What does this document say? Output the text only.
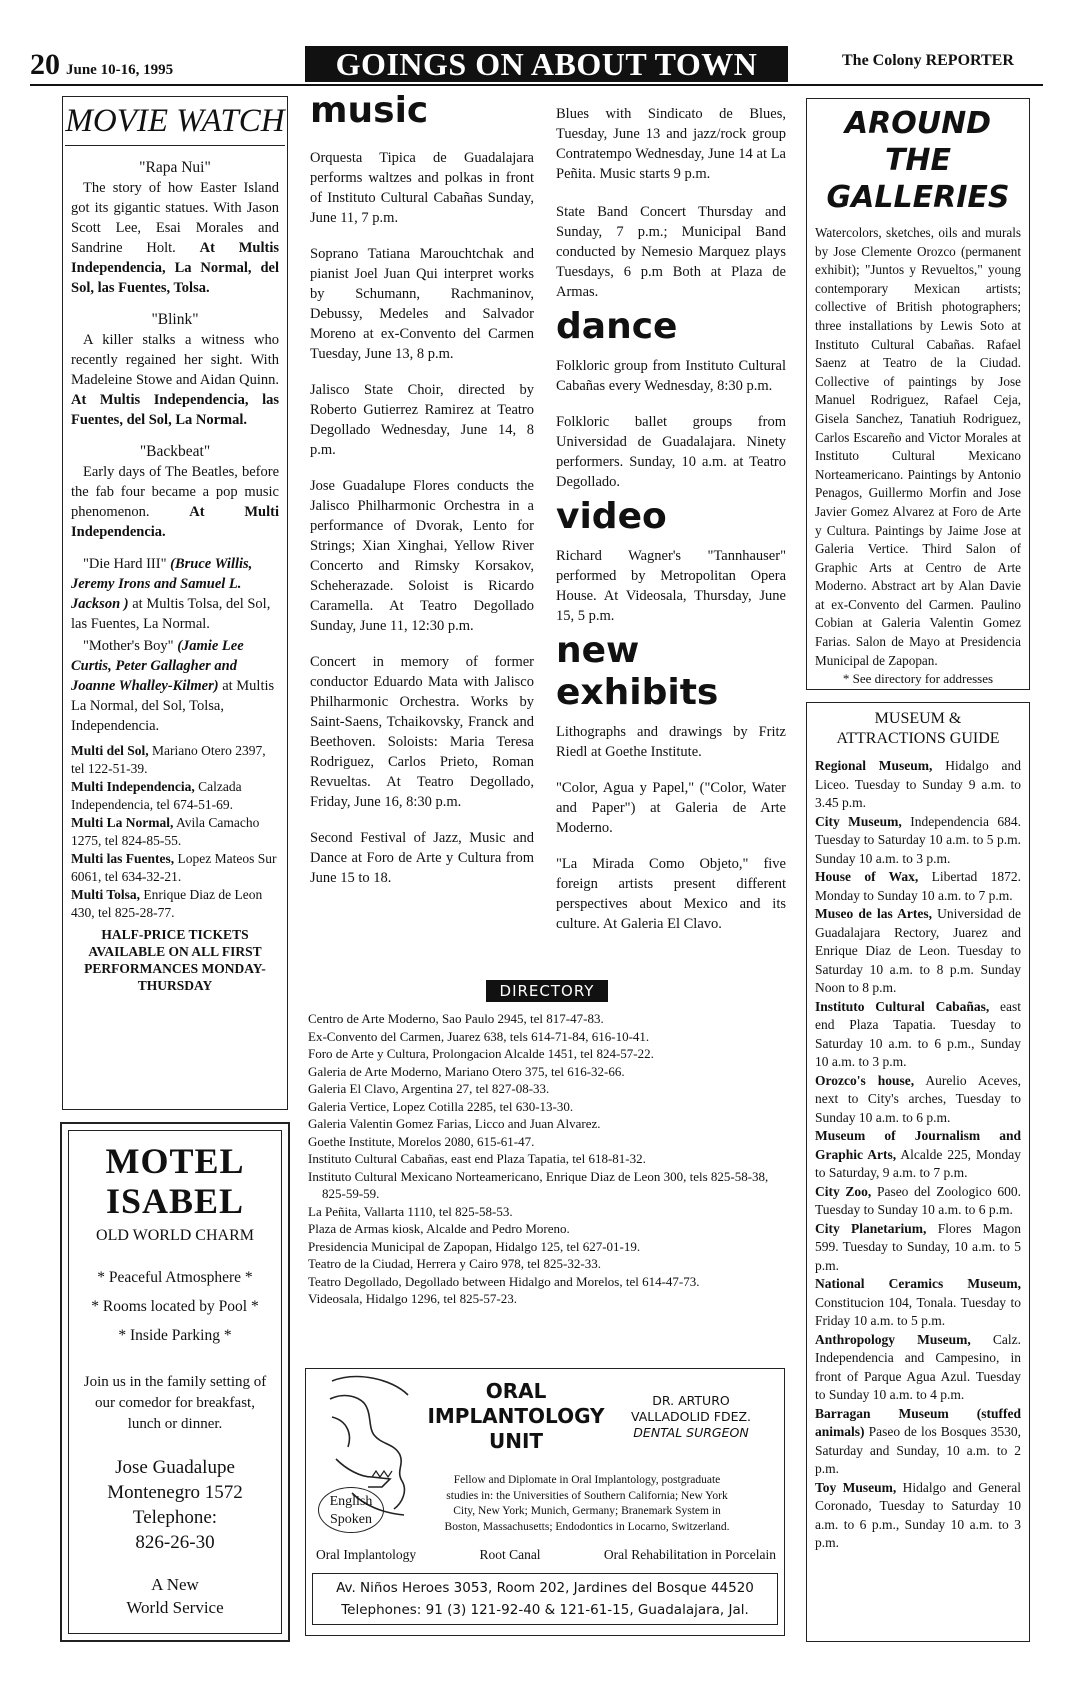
20 June 10-16, 1995	GOINGS ON ABOUT TOWN	The Colony REPORTER
MOVIE WATCH

"Rapa Nui"

The story of how Easter Island got its gigantic statues. With Jason Scott Lee, Esai Morales and Sandrine Holt. At Multis Independencia, La Normal, del Sol, las Fuentes, Tolsa.

"Blink"

A killer stalks a witness who recently regained her sight. With Madeleine Stowe and Aidan Quinn. At Multis Independencia, las Fuentes, del Sol, La Normal.

"Backbeat"

Early days of The Beatles, before the fab four became a pop music phenomenon.	At Multi Independencia.

"Die Hard III" (Bruce Willis, Jeremy Irons and Samuel L. Jackson ) at Multis Tolsa, del Sol, las Fuentes, La Normal.

"Mother's Boy" (Jamie Lee Curtis, Peter Gallagher and Joanne Whalley-Kilmer) at Multis La Normal, del Sol, Tolsa, Independencia.

Multi del Sol, Mariano Otero 2397, tel 122-51-39.

Multi Independencia, Calzada Independencia, tel 674-51-69.

Multi La Normal, Avila Camacho 1275, tel 824-85-55.

Multi las Fuentes, Lopez Mateos Sur 6061, tel 634-32-21.

Multi Tolsa, Enrique Diaz de Leon 430, tel 825-28-77.

HALF-PRICE TICKETS AVAILABLE ON ALL FIRST PERFORMANCES MONDAY-THURSDAY

MOTEL
ISABEL
OLD WORLD CHARM
* Peaceful Atmosphere *
* Rooms located by Pool *
* Inside Parking *
Join us in the family setting of our comedor for breakfast, lunch or dinner.
Jose Guadalupe
Montenegro 1572
Telephone:
826-26-30
A New
World Service
music

Orquesta Tipica de Guadalajara performs waltzes and polkas in front of Instituto Cultural Cabañas Sunday, June 11, 7 p.m.

Soprano Tatiana Marouchtchak and pianist Joel Juan Qui interpret works by Schumann, Rachmaninov, Debussy, Medeles and Salvador Moreno at ex-Convento del Carmen Tuesday, June 13, 8 p.m.

Jalisco State Choir, directed by Roberto Gutierrez Ramirez at Teatro Degollado Wednesday, June 14, 8 p.m.

Jose Guadalupe Flores conducts the Jalisco Philharmonic Orchestra in a performance of Dvorak, Lento for Strings; Xian Xinghai, Yellow River Concerto and Rimsky Korsakov, Scheherazade. Soloist is Ricardo Caramella. At Teatro Degollado Sunday, June 11, 12:30 p.m.

Concert in memory of former conductor Eduardo Mata with Jalisco Philharmonic Orchestra. Works by Saint-Saens, Tchaikovsky, Franck and Beethoven. Soloists: Maria Teresa Rodriguez, Carlos Prieto, Roman Revueltas. At Teatro Degollado, Friday, June 16, 8:30 p.m.

Second Festival of Jazz, Music and Dance at Foro de Arte y Cultura from June 15 to 18.

Blues with Sindicato de Blues, Tuesday, June 13 and jazz/rock group Contratempo Wednesday, June 14 at La Peñita. Music starts 9 p.m.

State Band Concert Thursday and Sunday, 7 p.m.; Municipal Band conducted by Nemesio Marquez plays Tuesdays, 6 p.m Both at Plaza de Armas.

dance

Folkloric group from Instituto Cultural Cabañas every Wednesday, 8:30 p.m.

Folkloric ballet groups from Universidad de Guadalajara. Ninety performers. Sunday, 10 a.m. at Teatro Degollado.

video

Richard Wagner's "Tannhauser" performed by Metropolitan Opera House. At Videosala, Thursday, June 15, 5 p.m.

new exhibits

Lithographs and drawings by Fritz Riedl at Goethe Institute.

"Color, Agua y Papel," ("Color, Water and Paper") at Galeria de Arte Moderno.

"La Mirada Como Objeto," five foreign artists present different perspectives about Mexico and its culture. At Galeria El Clavo.

DIRECTORY

Centro de Arte Moderno, Sao Paulo 2945, tel 817-47-83.

Ex-Convento del Carmen, Juarez 638, tels 614-71-84, 616-10-41.

Foro de Arte y Cultura, Prolongacion Alcalde 1451, tel 824-57-22.

Galeria de Arte Moderno, Mariano Otero 375, tel 616-32-66.

Galeria El Clavo, Argentina 27, tel 827-08-33.

Galeria Vertice, Lopez Cotilla 2285, tel 630-13-30.

Galeria Valentin Gomez Farias, Licco and Juan Alvarez.

Goethe Institute, Morelos 2080, 615-61-47.

Instituto Cultural Cabañas, east end Plaza Tapatia, tel 618-81-32.

Instituto Cultural Mexicano Norteamericano, Enrique Diaz de Leon 300, tels 825-58-38, 825-59-59.

La Peñita, Vallarta 1110, tel 825-58-53.

Plaza de Armas kiosk, Alcalde and Pedro Moreno.

Presidencia Municipal de Zapopan, Hidalgo 125, tel 627-01-19.

Teatro de la Ciudad, Herrera y Cairo 978, tel 825-32-33.

Teatro Degollado, Degollado between Hidalgo and Morelos, tel 614-47-73.

Videosala, Hidalgo 1296, tel 825-57-23.

ORAL
IMPLANTOLOGY
UNIT
DR. ARTURO
VALLADOLID FDEZ.
DENTAL SURGEON
Fellow and Diplomate in Oral Implantology, postgraduate studies in: the Universities of Southern California; New York City, New York; Munich, Germany; Branemark System in Boston, Massachusetts; Endodontics in Locarno, Switzerland.
English
Spoken
Oral Implantology	Root Canal	Oral Rehabilitation in Porcelain
Av. Niños Heroes 3053, Room 202, Jardines del Bosque 44520
Telephones: 91 (3) 121-92-40 & 121-61-15, Guadalajara, Jal.
AROUND THE
GALLERIES

Watercolors, sketches, oils and murals by Jose Clemente Orozco (permanent exhibit); "Juntos y Revueltos," young contemporary Mexican artists; collective of British photographers; three installations by Lewis Soto at Instituto Cultural Cabañas. Rafael Saenz at Teatro de la Ciudad. Collective of paintings by Jose Manuel Rodriguez, Rafael Ceja, Gisela Sanchez, Tanatiuh Rodriguez, Carlos Escareño and Victor Morales at Instituto Cultural Mexicano Norteamericano. Paintings by Antonio Penagos, Guillermo Morfin and Jose Javier Gomez Alvarez at Foro de Arte y Cultura. Paintings by Jaime Jose at Galeria Vertice. Third Salon of Graphic Arts at Centro de Arte Moderno. Abstract art by Alan Davie at ex-Convento del Carmen. Paulino Cobian at Galeria Valentin Gomez Farias. Salon de Mayo at Presidencia Municipal de Zapopan.

* See directory for addresses

MUSEUM &
ATTRACTIONS GUIDE

Regional Museum, Hidalgo and Liceo. Tuesday to Sunday 9 a.m. to 3.45 p.m.

City Museum, Independencia 684. Tuesday to Saturday 10 a.m. to 5 p.m. Sunday 10 a.m. to 3 p.m.

House of Wax, Libertad 1872. Monday to Sunday 10 a.m. to 7 p.m.

Museo de las Artes, Universidad de Guadalajara Rectory, Juarez and Enrique Diaz de Leon. Tuesday to Saturday 10 a.m. to 8 p.m. Sunday Noon to 8 p.m.

Instituto Cultural Cabañas, east end Plaza Tapatia. Tuesday to Saturday 10 a.m. to 6 p.m., Sunday 10 a.m. to 3 p.m.

Orozco's house, Aurelio Aceves, next to City's arches, Tuesday to Sunday 10 a.m. to 6 p.m.

Museum of Journalism and Graphic Arts, Alcalde 225, Monday to Saturday, 9 a.m. to 7 p.m.

City Zoo, Paseo del Zoologico 600. Tuesday to Sunday 10 a.m. to 6 p.m.

City Planetarium, Flores Magon 599. Tuesday to Sunday, 10 a.m. to 5 p.m.

National Ceramics Museum, Constitucion 104, Tonala. Tuesday to Friday 10 a.m. to 5 p.m.

Anthropology Museum, Calz. Independencia and Campesino, in front of Parque Agua Azul. Tuesday to Sunday 10 a.m. to 4 p.m.

Barragan Museum (stuffed animals) Paseo de los Bosques 3530, Saturday and Sunday, 10 a.m. to 2 p.m.

Toy Museum, Hidalgo and General Coronado, Tuesday to Saturday 10 a.m. to 6 p.m., Sunday 10 a.m. to 3 p.m.
